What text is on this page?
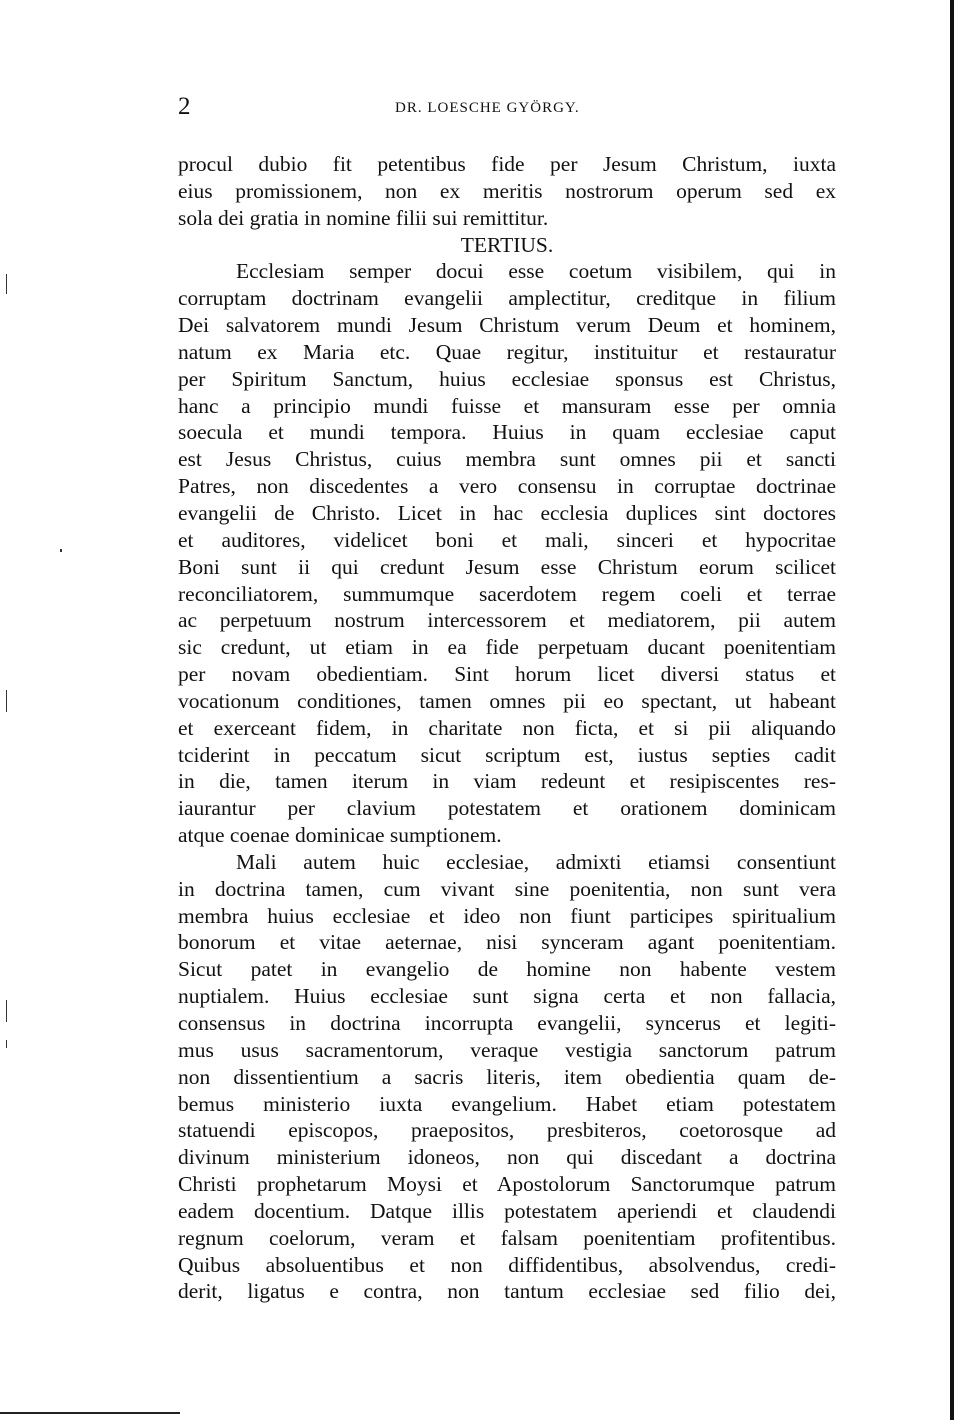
2	DR. LOESCHE GYÖRGY.
procul dubio fit petentibus fide per Jesum Christum, iuxta
eius promissionem, non ex meritis nostrorum operum sed ex
sola dei gratia in nomine filii sui remittitur.
TERTIUS.
Ecclesiam semper docui esse coetum visibilem, qui in
corruptam doctrinam evangelii amplectitur, creditque in filium
Dei salvatorem mundi Jesum Christum verum Deum et hominem,
natum ex Maria etc. Quae regitur, instituitur et restauratur
per Spiritum Sanctum, huius ecclesiae sponsus est Christus,
hanc a principio mundi fuisse et mansuram esse per omnia
soecula et mundi tempora. Huius in quam ecclesiae caput
est Jesus Christus, cuius membra sunt omnes pii et sancti
Patres, non discedentes a vero consensu in corruptae doctrinae
evangelii de Christo. Licet in hac ecclesia duplices sint doctores
et auditores, videlicet boni et mali, sinceri et hypocritae
Boni sunt ii qui credunt Jesum esse Christum eorum scilicet
reconciliatorem, summumque sacerdotem regem coeli et terrae
ac perpetuum nostrum intercessorem et mediatorem, pii autem
sic credunt, ut etiam in ea fide perpetuam ducant poenitentiam
per novam obedientiam. Sint horum licet diversi status et
vocationum conditiones, tamen omnes pii eo spectant, ut habeant
et exerceant fidem, in charitate non ficta, et si pii aliquando
tciderint in peccatum sicut scriptum est, iustus septies cadit
in die, tamen iterum in viam redeunt et resipiscentes res-
iaurantur per clavium potestatem et orationem dominicam
atque coenae dominicae sumptionem.
Mali autem huic ecclesiae, admixti etiamsi consentiunt
in doctrina tamen, cum vivant sine poenitentia, non sunt vera
membra huius ecclesiae et ideo non fiunt participes spiritualium
bonorum et vitae aeternae, nisi synceram agant poenitentiam.
Sicut patet in evangelio de homine non habente vestem
nuptialem. Huius ecclesiae sunt signa certa et non fallacia,
consensus in doctrina incorrupta evangelii, syncerus et legiti-
mus usus sacramentorum, veraque vestigia sanctorum patrum
non dissentientium a sacris literis, item obedientia quam de-
bemus ministerio iuxta evangelium. Habet etiam potestatem
statuendi episcopos, praepositos, presbiteros, coetorosque ad
divinum ministerium idoneos, non qui discedant a doctrina
Christi prophetarum Moysi et Apostolorum Sanctorumque patrum
eadem docentium. Datque illis potestatem aperiendi et claudendi
regnum coelorum, veram et falsam poenitentiam profitentibus.
Quibus absoluentibus et non diffidentibus, absolvendus, credi-
derit, ligatus e contra, non tantum ecclesiae sed filio dei,
